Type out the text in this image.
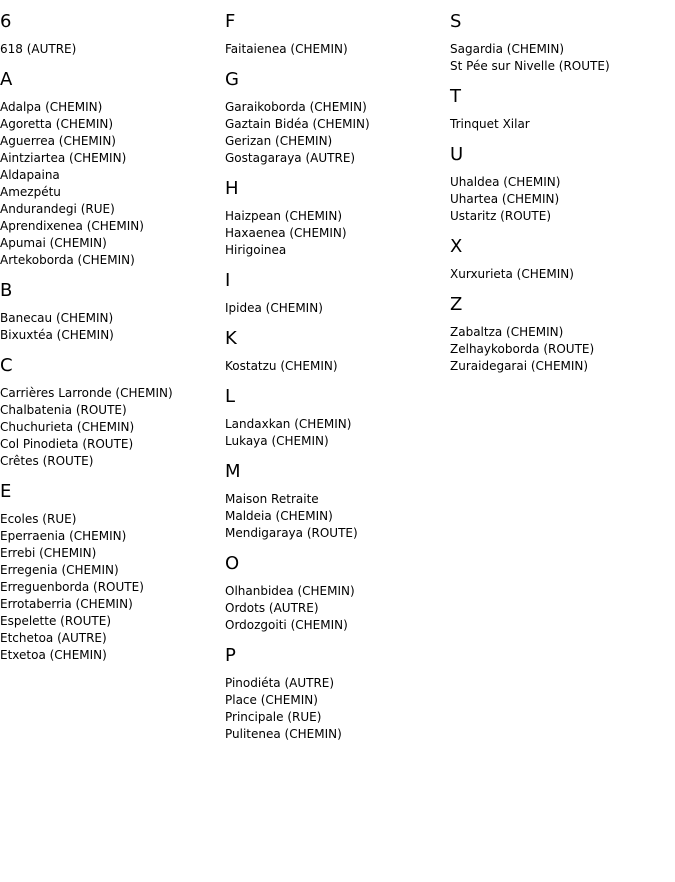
6
618 (AUTRE)
A
Adalpa (CHEMIN)
Agoretta (CHEMIN)
Aguerrea (CHEMIN)
Aintziartea (CHEMIN)
Aldapaina
Amezpétu
Andurandegi (RUE)
Aprendixenea (CHEMIN)
Apumai (CHEMIN)
Artekoborda (CHEMIN)
B
Banecau (CHEMIN)
Bixuxtéa (CHEMIN)
C
Carrières Larronde (CHEMIN)
Chalbatenia (ROUTE)
Chuchurieta (CHEMIN)
Col Pinodieta (ROUTE)
Crêtes (ROUTE)
E
Ecoles (RUE)
Eperraenia (CHEMIN)
Errebi (CHEMIN)
Erregenia (CHEMIN)
Erreguenborda (ROUTE)
Errotaberria (CHEMIN)
Espelette (ROUTE)
Etchetoa (AUTRE)
Etxetoa (CHEMIN)
F
Faitaienea (CHEMIN)
G
Garaikoborda (CHEMIN)
Gaztain Bidéa (CHEMIN)
Gerizan (CHEMIN)
Gostagaraya (AUTRE)
H
Haizpean (CHEMIN)
Haxaenea (CHEMIN)
Hirigoinea
I
Ipidea (CHEMIN)
K
Kostatzu (CHEMIN)
L
Landaxkan (CHEMIN)
Lukaya (CHEMIN)
M
Maison Retraite
Maldeia (CHEMIN)
Mendigaraya (ROUTE)
O
Olhanbidea (CHEMIN)
Ordots (AUTRE)
Ordozgoiti (CHEMIN)
P
Pinodiéta (AUTRE)
Place (CHEMIN)
Principale (RUE)
Pulitenea (CHEMIN)
S
Sagardia (CHEMIN)
St Pée sur Nivelle (ROUTE)
T
Trinquet Xilar
U
Uhaldea (CHEMIN)
Uhartea (CHEMIN)
Ustaritz (ROUTE)
X
Xurxurieta (CHEMIN)
Z
Zabaltza (CHEMIN)
Zelhaykoborda (ROUTE)
Zuraidegarai (CHEMIN)
